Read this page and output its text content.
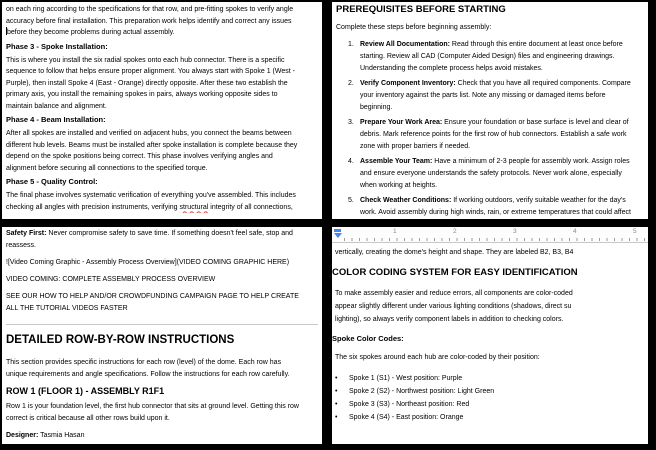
on each ring according to the specifications for that row, and pre-fitting spokes to verify angle
accuracy before final installation. This preparation work helps identify and correct any issues
before they become problems during actual assembly.
Phase 3 - Spoke Installation:
This is where you install the six radial spokes onto each hub connector. There is a specific
sequence to follow that helps ensure proper alignment. You always start with Spoke 1 (West -
Purple), then install Spoke 4 (East - Orange) directly opposite. After these two establish the
primary axis, you install the remaining spokes in pairs, always working opposite sides to
maintain balance and alignment.
Phase 4 - Beam Installation:
After all spokes are installed and verified on adjacent hubs, you connect the beams between
different hub levels. Beams must be installed after spoke installation is complete because they
depend on the spoke positions being correct. This phase involves verifying angles and
alignment before securing all connections to the specified torque.
Phase 5 - Quality Control:
The final phase involves systematic verification of everything you've assembled. This includes
checking all angles with precision instruments, verifying structural integrity of all connections,
PREREQUISITES BEFORE STARTING
Complete these steps before beginning assembly:
1. Review All Documentation: Read through this entire document at least once before
starting. Review all CAD (Computer Aided Design) files and engineering drawings.
Understanding the complete process helps avoid mistakes.
2. Verify Component Inventory: Check that you have all required components. Compare
your inventory against the parts list. Note any missing or damaged items before
beginning.
3. Prepare Your Work Area: Ensure your foundation or base surface is level and clear of
debris. Mark reference points for the first row of hub connectors. Establish a safe work
zone with proper barriers if needed.
4. Assemble Your Team: Have a minimum of 2-3 people for assembly work. Assign roles
and ensure everyone understands the safety protocols. Never work alone, especially
when working at heights.
5. Check Weather Conditions: If working outdoors, verify suitable weather for the day's
work. Avoid assembly during high winds, rain, or extreme temperatures that could affect
Safety First: Never compromise safety to save time. If something doesn't feel safe, stop and
reassess.
![Video Coming Graphic - Assembly Process Overview](VIDEO COMING GRAPHIC HERE)
VIDEO COMING: COMPLETE ASSEMBLY PROCESS OVERVIEW
SEE OUR HOW TO HELP AND/OR CROWDFUNDING CAMPAIGN PAGE TO HELP CREATE
ALL THE TUTORIAL VIDEOS FASTER
DETAILED ROW-BY-ROW INSTRUCTIONS
This section provides specific instructions for each row (level) of the dome. Each row has
unique requirements and angle specifications. Follow the instructions for each row carefully.
ROW 1 (FLOOR 1) - ASSEMBLY R1F1
Row 1 is your foundation level, the first hub connector that sits at ground level. Getting this row
correct is critical because all other rows build upon it.
Designer: Tasmia Hasan
1	2	3	4	5
vertically, creating the dome's height and shape. They are labeled B2, B3, B4
COLOR CODING SYSTEM FOR EASY IDENTIFICATION
To make assembly easier and reduce errors, all components are color-coded
appear slightly different under various lighting conditions (shadows, direct su
lighting), so always verify component labels in addition to checking colors.
Spoke Color Codes:
The six spokes around each hub are color-coded by their position:
•	Spoke 1 (S1) - West position: Purple
•	Spoke 2 (S2) - Northwest position: Light Green
•	Spoke 3 (S3) - Northeast position: Red
•	Spoke 4 (S4) - East position: Orange
